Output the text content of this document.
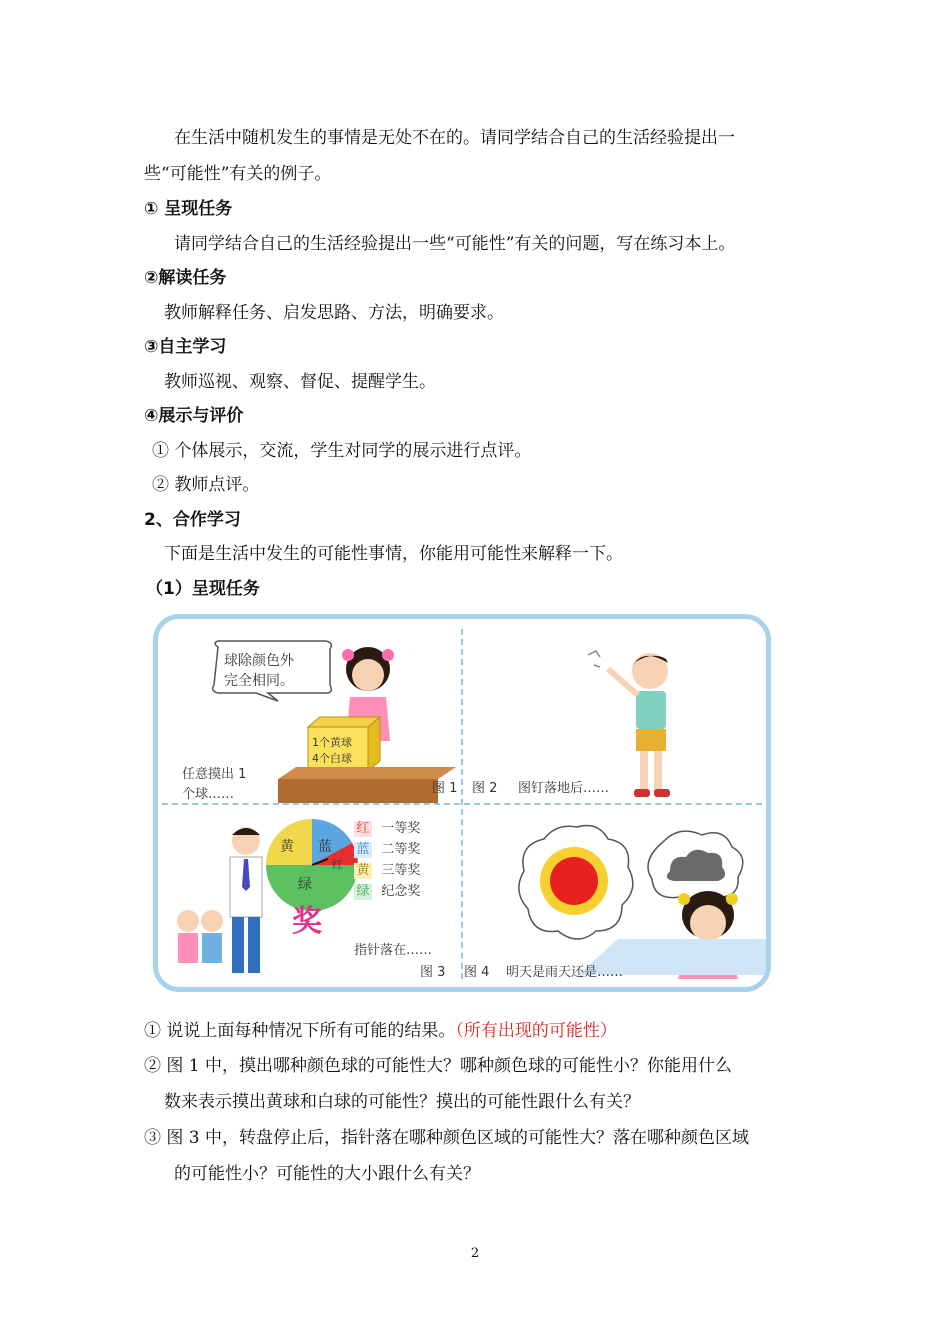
在生活中随机发生的事情是无处不在的。请同学结合自己的生活经验提出一
些“可能性”有关的例子。
① 呈现任务
请同学结合自己的生活经验提出一些“可能性”有关的问题，写在练习本上。
②解读任务
教师解释任务、启发思路、方法，明确要求。
③自主学习
教师巡视、观察、督促、提醒学生。
④展示与评价
① 个体展示，交流，学生对同学的展示进行点评。
② 教师点评。
2、合作学习
下面是生活中发生的可能性事情，你能用可能性来解释一下。
（1）呈现任务
球除颜色外
完全相同。
1个黄球
4个白球
任意摸出 1
个球……	图 1 图 2 图钉落地后……
黄 蓝
红
绿
奖
红 一等奖
蓝 二等奖
黄 三等奖
绿 纪念奖
指针落在……
图 3 图 4 明天是雨天还是……
① 说说上面每种情况下所有可能的结果。（所有出现的可能性）
② 图 1 中，摸出哪种颜色球的可能性大？哪种颜色球的可能性小？你能用什么
数来表示摸出黄球和白球的可能性？摸出的可能性跟什么有关？
③ 图 3 中，转盘停止后，指针落在哪种颜色区域的可能性大？落在哪种颜色区域
的可能性小？可能性的大小跟什么有关？
2
